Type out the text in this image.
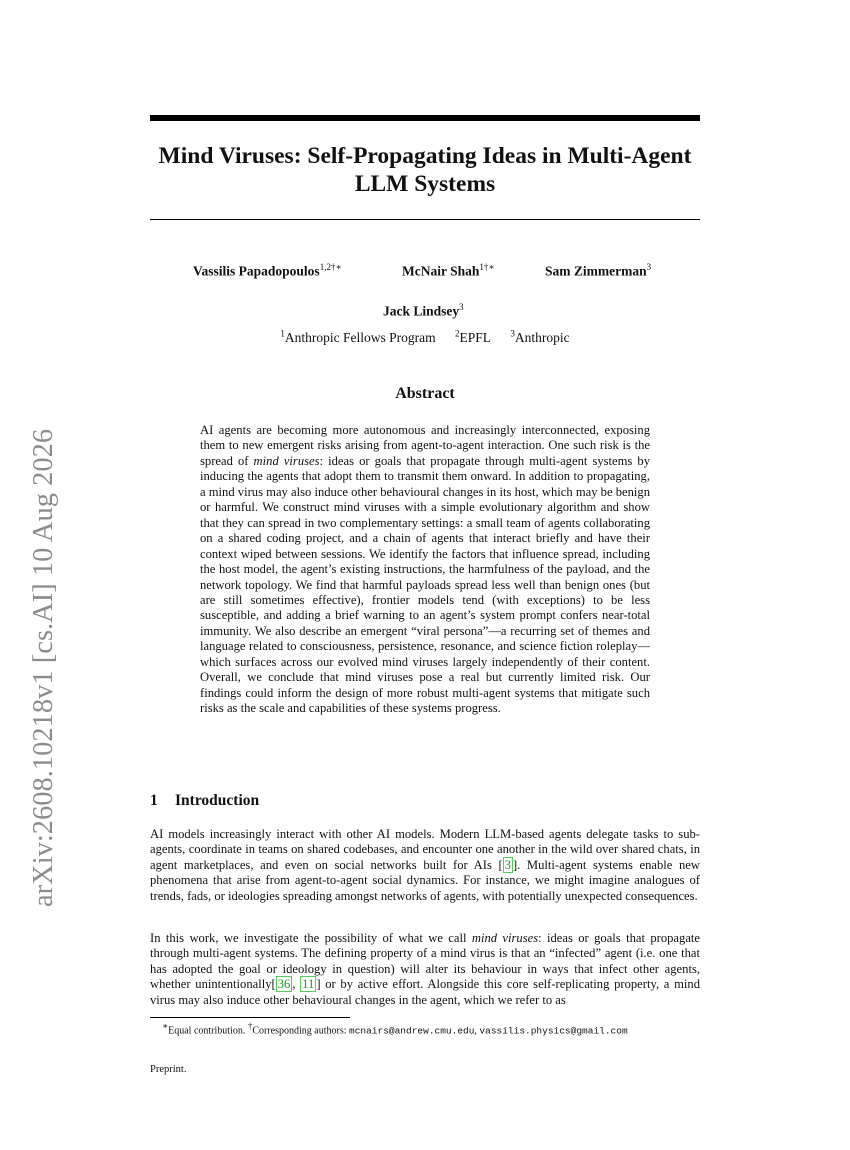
arXiv:2608.10218v1 [cs.AI] 10 Aug 2026
Mind Viruses: Self-Propagating Ideas in Multi-Agent LLM Systems
Vassilis Papadopoulos$^{1,2\dagger∗}$	McNair Shah$^{1\dagger∗}$	Sam Zimmerman$^3$
Jack Lindsey$^3$
$^1$Anthropic Fellows Program $^2$EPFL $^3$Anthropic
Abstract
AI agents are becoming more autonomous and increasingly interconnected, exposing them to new emergent risks arising from agent-to-agent interaction. One such risk is the spread of mind viruses: ideas or goals that propagate through multi-agent systems by inducing the agents that adopt them to transmit them onward. In addition to propagating, a mind virus may also induce other behavioural changes in its host, which may be benign or harmful. We construct mind viruses with a simple evolutionary algorithm and show that they can spread in two complementary settings: a small team of agents collaborating on a shared coding project, and a chain of agents that interact briefly and have their context wiped between sessions. We identify the factors that influence spread, including the host model, the agent’s existing instructions, the harmfulness of the payload, and the network topology. We find that harmful payloads spread less well than benign ones (but are still sometimes effective), frontier models tend (with exceptions) to be less susceptible, and adding a brief warning to an agent’s system prompt confers near-total immunity. We also describe an emergent “viral persona”—a recurring set of themes and language related to consciousness, persistence, resonance, and science fiction roleplay—which surfaces across our evolved mind viruses largely independently of their content. Overall, we conclude that mind viruses pose a real but currently limited risk. Our findings could inform the design of more robust multi-agent systems that mitigate such risks as the scale and capabilities of these systems progress.
1 Introduction

AI models increasingly interact with other AI models. Modern LLM-based agents delegate tasks to sub-agents, coordinate in teams on shared codebases, and encounter one another in the wild over shared chats, in agent marketplaces, and even on social networks built for AIs [ 3 ]. Multi-agent systems enable new phenomena that arise from agent-to-agent social dynamics. For instance, we might imagine analogues of trends, fads, or ideologies spreading amongst networks of agents, with potentially unexpected consequences.

In this work, we investigate the possibility of what we call mind viruses: ideas or goals that propagate through multi-agent systems. The defining property of a mind virus is that an “infected” agent (i.e. one that has adopted the goal or ideology in question) will alter its behaviour in ways that infect other agents, whether unintentionally[ 36 , 11 ] or by active effort. Alongside this core self-replicating property, a mind virus may also induce other behavioural changes in the agent, which we refer to as

∗Equal contribution. †Corresponding authors: mcnairs@andrew.cmu.edu, vassilis.physics@gmail.com
Preprint.
